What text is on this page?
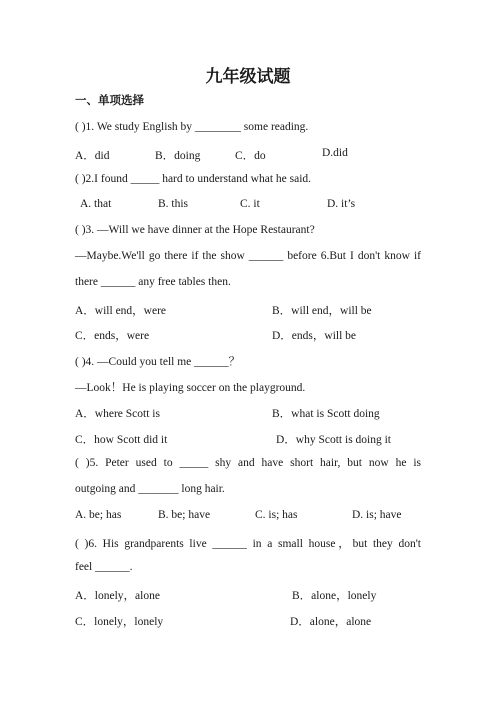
九年级试题
一、单项选择
( )1. We study English by ________ some reading.
A．did	B．doing	C．do	D.did
( )2.I found _____ hard to understand what he said.
A. that	B. this	C. it	D. it’s
( )3. —Will we have dinner at the Hope Restaurant?
—Maybe.We'll go there if the show ______ before 6.But I don't know if
there ______ any free tables then.
A．will end，were	B．will end，will be
C．ends，were	D．ends，will be
( )4. —Could you tell me ______？
—Look！He is playing soccer on the playground.
A．where Scott is	B．what is Scott doing
C．how Scott did it	D．why Scott is doing it
( )5. Peter used to _____ shy and have short hair, but now he is
outgoing and _______ long hair.
A. be; has	B. be; have	C. is; has	D. is; have
( )6. His grandparents live ______ in a small house，but they don't
feel ______.
A．lonely，alone	B．alone，lonely
C．lonely，lonely	D．alone，alone
